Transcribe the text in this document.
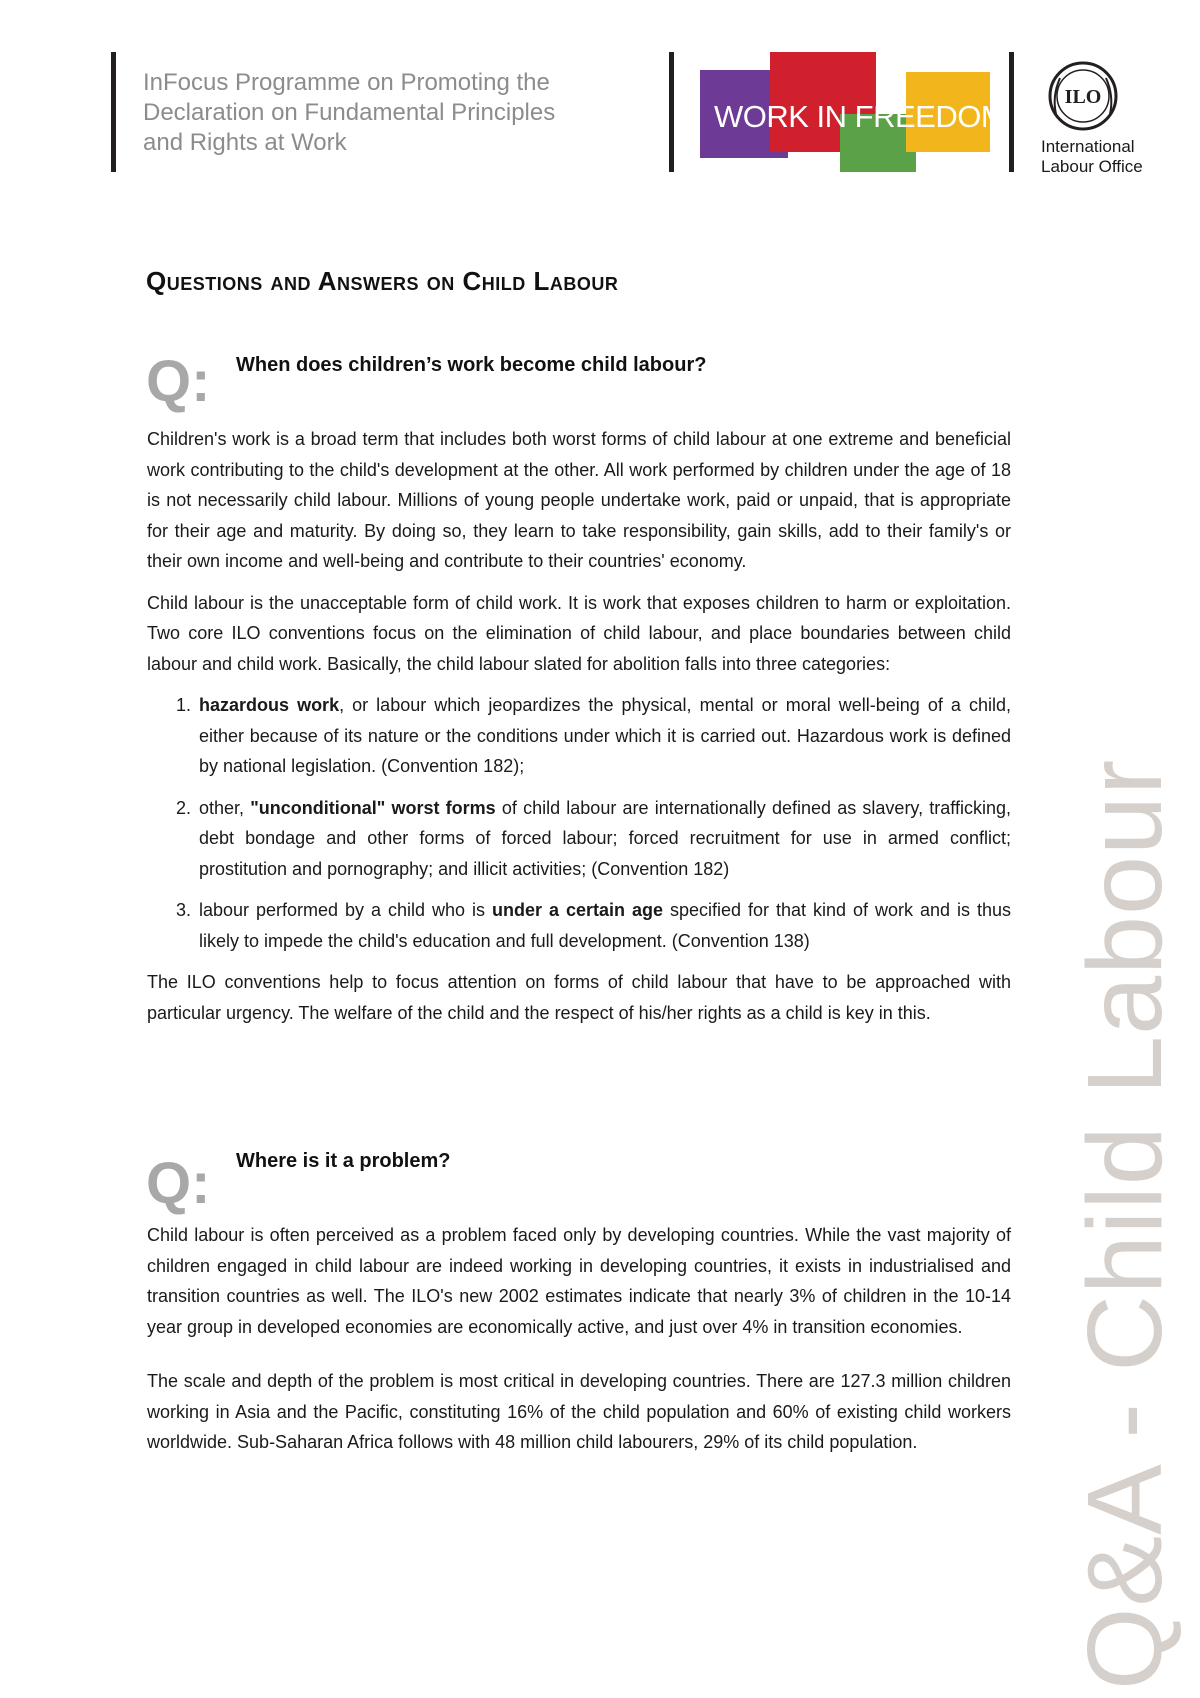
InFocus Programme on Promoting the
Declaration on Fundamental Principles
and Rights at Work
WORK IN FREEDOM
ILO
International
Labour Office
Questions and Answers on Child Labour
Q: When does children’s work become child labour?

Children's work is a broad term that includes both worst forms of child labour at one extreme and beneficial work contributing to the child's development at the other. All work performed by children under the age of 18 is not necessarily child labour. Millions of young people undertake work, paid or unpaid, that is appropriate for their age and maturity. By doing so, they learn to take responsibility, gain skills, add to their family's or their own income and well-being and contribute to their countries' economy.

Child labour is the unacceptable form of child work. It is work that exposes children to harm or exploitation. Two core ILO conventions focus on the elimination of child labour, and place boundaries between child labour and child work. Basically, the child labour slated for abolition falls into three categories:

1. hazardous work, or labour which jeopardizes the physical, mental or moral well-being of a child, either because of its nature or the conditions under which it is carried out. Hazardous work is defined by national legislation. (Convention 182);
2. other, "unconditional" worst forms of child labour are internationally defined as slavery, trafficking, debt bondage and other forms of forced labour; forced recruitment for use in armed conflict; prostitution and pornography; and illicit activities; (Convention 182)
3. labour performed by a child who is under a certain age specified for that kind of work and is thus likely to impede the child's education and full development. (Convention 138)

The ILO conventions help to focus attention on forms of child labour that have to be approached with particular urgency. The welfare of the child and the respect of his/her rights as a child is key in this.

Q: Where is it a problem?

Child labour is often perceived as a problem faced only by developing countries. While the vast majority of children engaged in child labour are indeed working in developing countries, it exists in industrialised and transition countries as well. The ILO's new 2002 estimates indicate that nearly 3% of children in the 10-14 year group in developed economies are economically active, and just over 4% in transition economies.

The scale and depth of the problem is most critical in developing countries. There are 127.3 million children working in Asia and the Pacific, constituting 16% of the child population and 60% of existing child workers worldwide. Sub-Saharan Africa follows with 48 million child labourers, 29% of its child population.	Q&A - Child Labour
